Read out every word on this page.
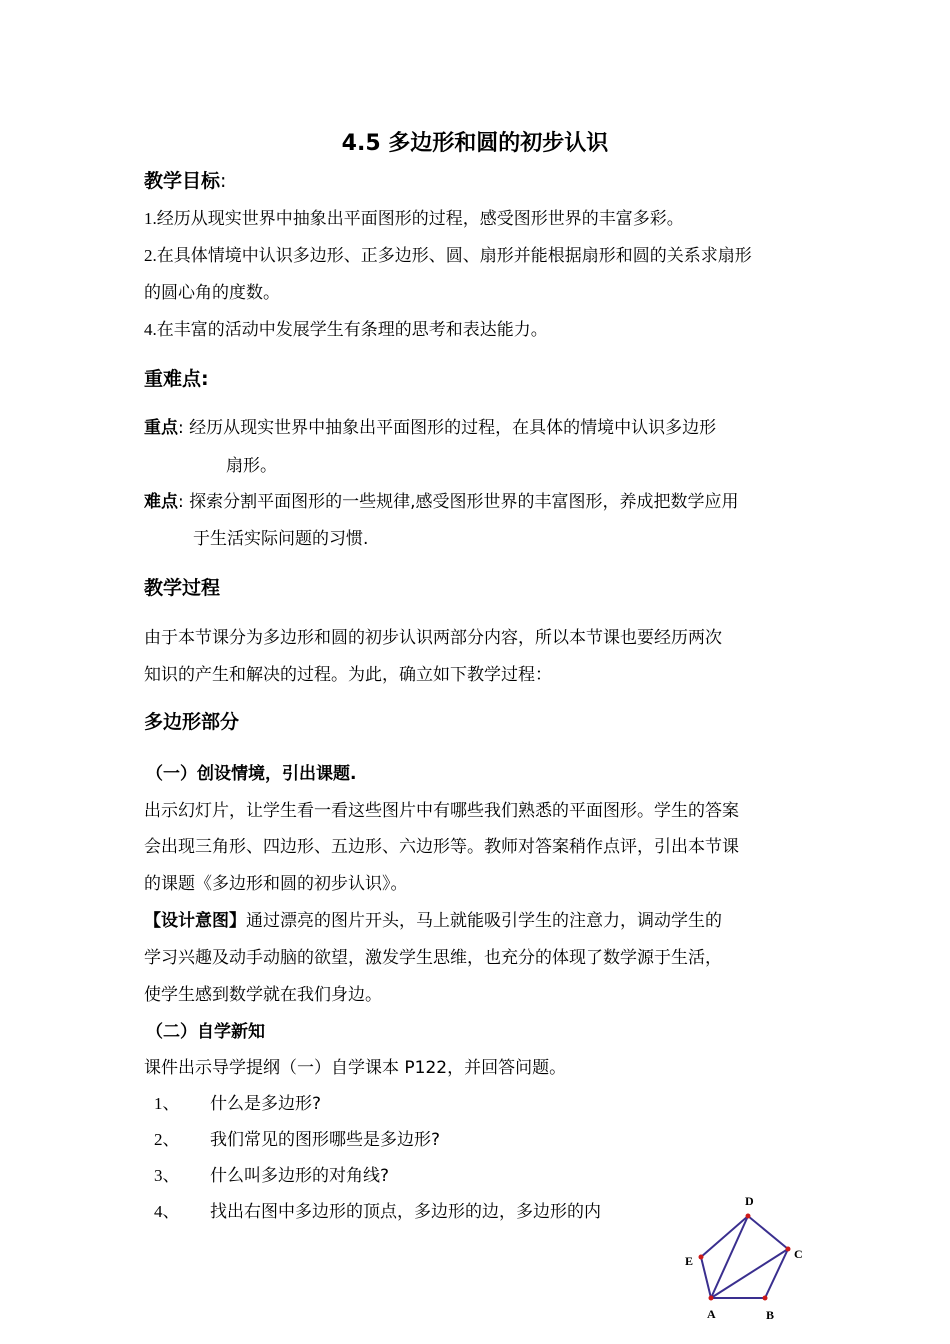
4.5 多边形和圆的初步认识
教学目标:
1.经历从现实世界中抽象出平面图形的过程，感受图形世界的丰富多彩。
2.在具体情境中认识多边形、正多边形、圆、扇形并能根据扇形和圆的关系求扇形
的圆心角的度数。
4.在丰富的活动中发展学生有条理的思考和表达能力。
重难点:
重点: 经历从现实世界中抽象出平面图形的过程，在具体的情境中认识多边形
扇形。
难点: 探索分割平面图形的一些规律,感受图形世界的丰富图形，养成把数学应用
于生活实际问题的习惯.
教学过程
由于本节课分为多边形和圆的初步认识两部分内容，所以本节课也要经历两次
知识的产生和解决的过程。为此，确立如下教学过程：
多边形部分
（一）创设情境，引出课题.
出示幻灯片，让学生看一看这些图片中有哪些我们熟悉的平面图形。学生的答案
会出现三角形、四边形、五边形、六边形等。教师对答案稍作点评，引出本节课
的课题《多边形和圆的初步认识》。
【设计意图】通过漂亮的图片开头，马上就能吸引学生的注意力，调动学生的
学习兴趣及动手动脑的欲望，激发学生思维，也充分的体现了数学源于生活，
使学生感到数学就在我们身边。
（二）自学新知
课件出示导学提纲（一）自学课本 P122，并回答问题。
1、 什么是多边形?
2、 我们常见的图形哪些是多边形?
3、 什么叫多边形的对角线?
4、 找出右图中多边形的顶点，多边形的边，多边形的内
A	B
C
D
E
